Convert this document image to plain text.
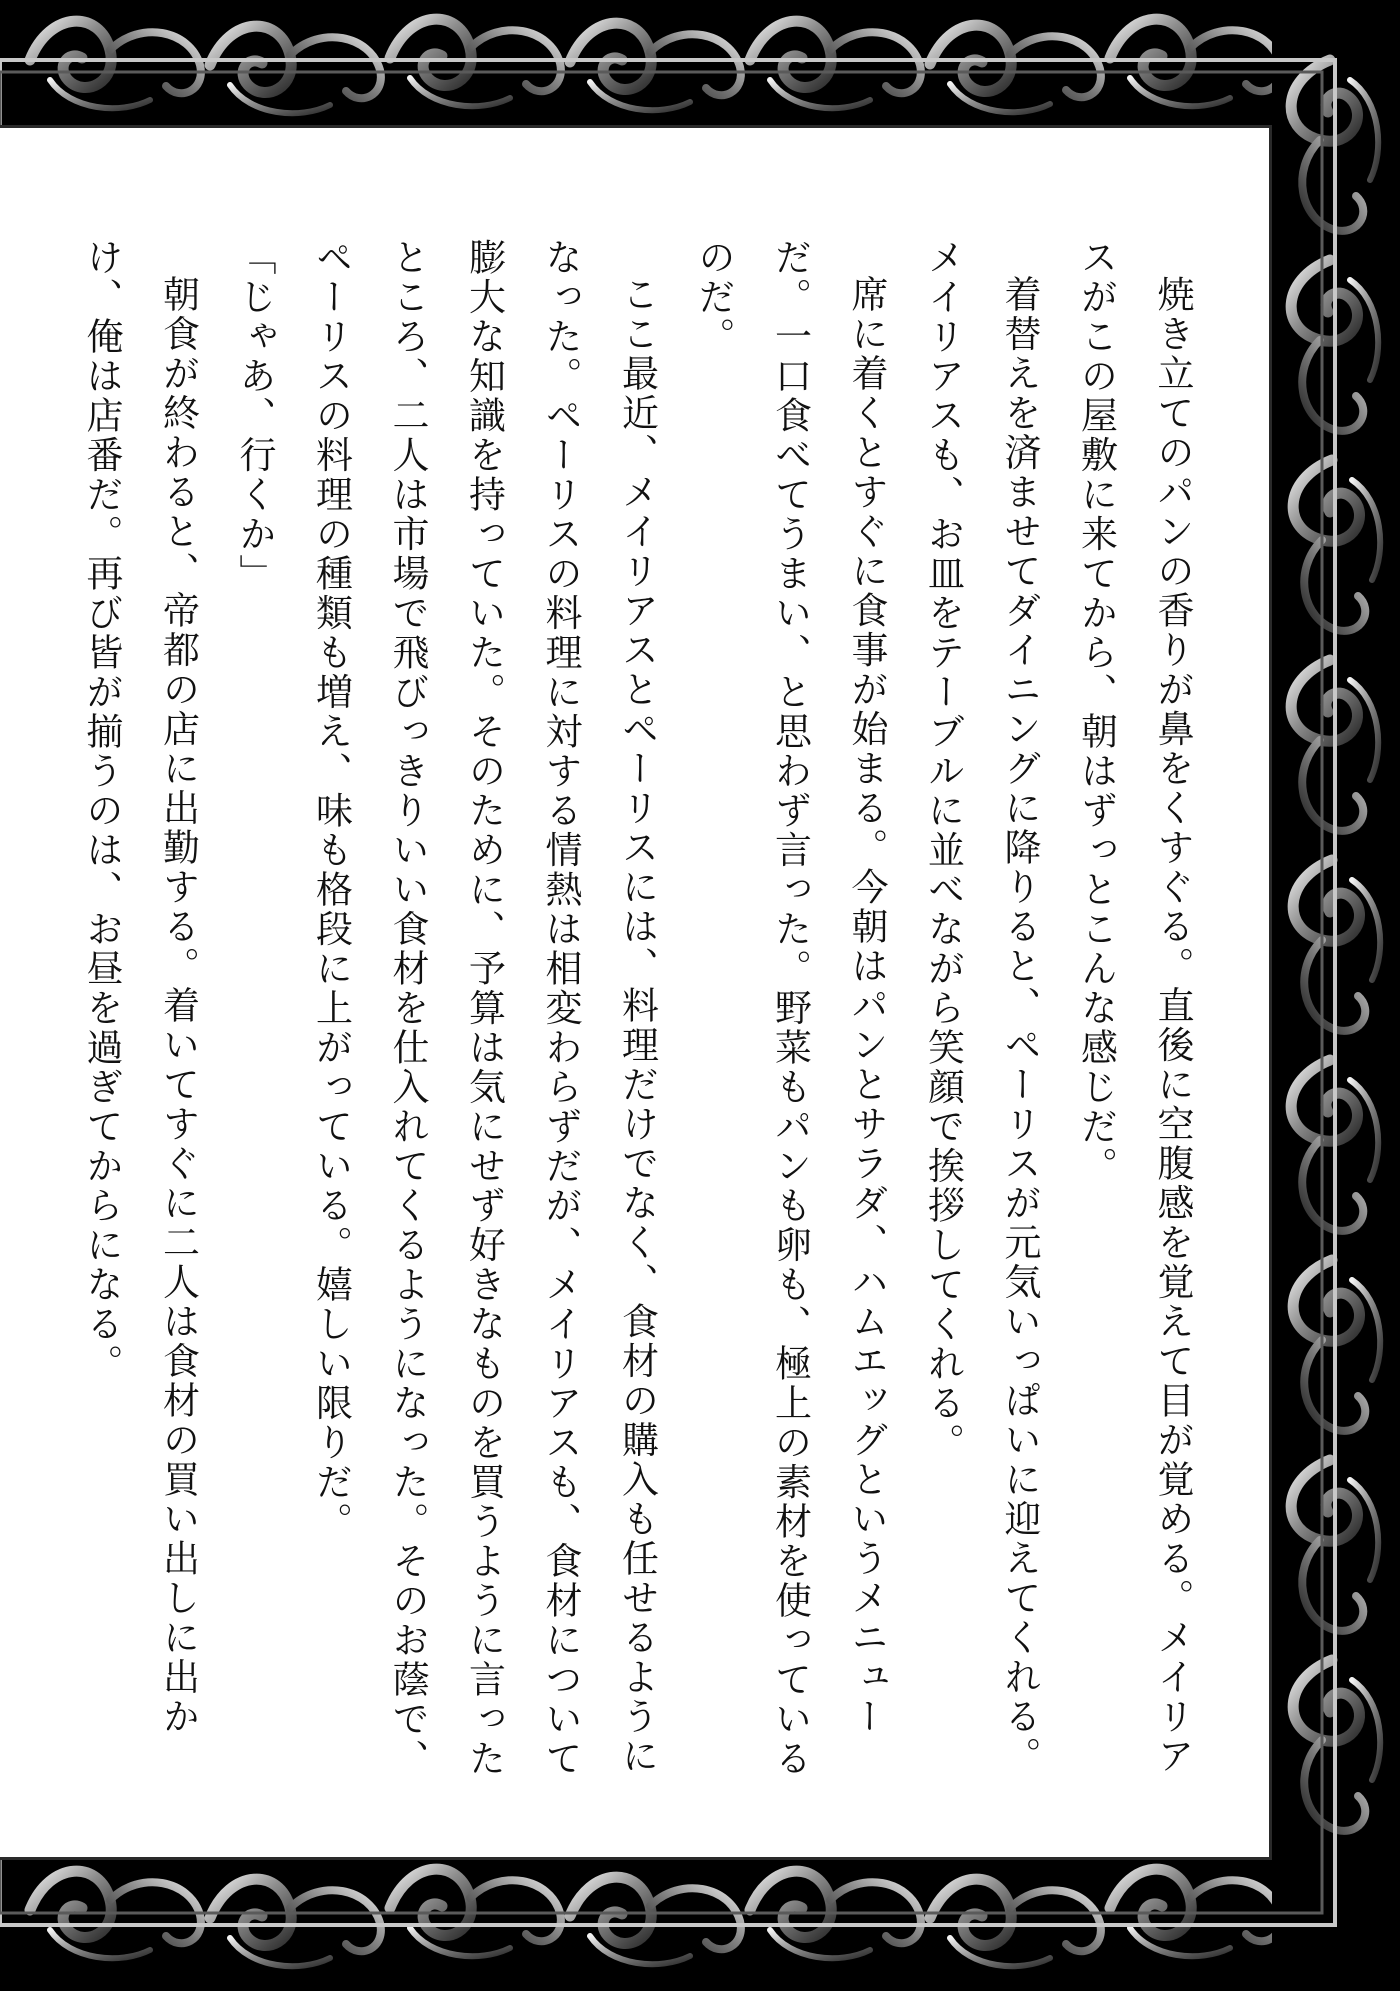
焼き立てのパンの香りが鼻をくすぐる。直後に空腹感を覚えて目が覚める。メイリアスがこの屋敷に来てから、朝はずっとこんな感じだ。

着替えを済ませてダイニングに降りると、ペーリスが元気いっぱいに迎えてくれる。メイリアスも、お皿をテーブルに並べながら笑顔で挨拶してくれる。

席に着くとすぐに食事が始まる。今朝はパンとサラダ、ハムエッグというメニューだ。一口食べてうまい、と思わず言った。野菜もパンも卵も、極上の素材を使っているのだ。

ここ最近、メイリアスとペーリスには、料理だけでなく、食材の購入も任せるようになった。ペーリスの料理に対する情熱は相変わらずだが、メイリアスも、食材について膨大な知識を持っていた。そのために、予算は気にせず好きなものを買うように言ったところ、二人は市場で飛びっきりいい食材を仕入れてくるようになった。そのお蔭で、ペーリスの料理の種類も増え、味も格段に上がっている。嬉しい限りだ。

「じゃあ、行くか」

朝食が終わると、帝都の店に出勤する。着いてすぐに二人は食材の買い出しに出かけ、俺は店番だ。再び皆が揃うのは、お昼を過ぎてからになる。
